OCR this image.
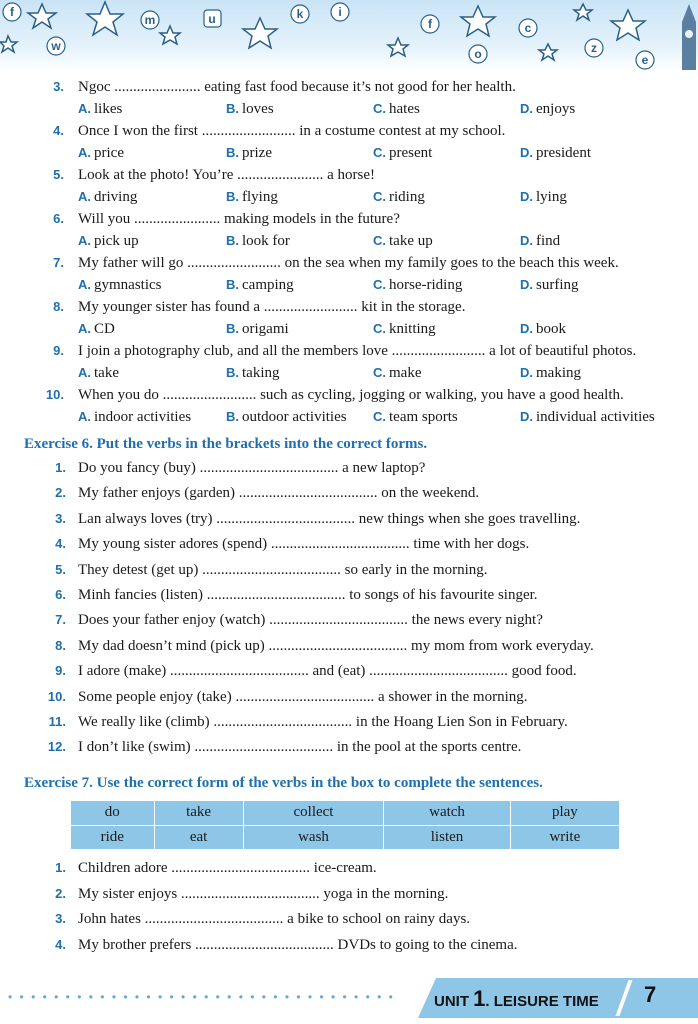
f
w
m	u	k	i
f
o
c
z
e
3. Ngoc ....................... eating fast food because it’s not good for her health.
A. likes	B. loves	C. hates	D. enjoys
4. Once I won the first ......................... in a costume contest at my school.
A. price	B. prize	C. present	D. president
5. Look at the photo! You’re ....................... a horse!
A. driving	B. flying	C. riding	D. lying
6. Will you ....................... making models in the future?
A. pick up	B. look for	C. take up	D. find
7. My father will go ......................... on the sea when my family goes to the beach this week.
A. gymnastics	B. camping	C. horse-riding	D. surfing
8. My younger sister has found a ......................... kit in the storage.
A. CD	B. origami	C. knitting	D. book
9. I join a photography club, and all the members love ......................... a lot of beautiful photos.
A. take	B. taking	C. make	D. making
10. When you do ......................... such as cycling, jogging or walking, you have a good health.
A. indoor activities	B. outdoor activities C. team sports	D. individual activities
Exercise 6. Put the verbs in the brackets into the correct forms.
1. Do you fancy (buy) ..................................... a new laptop?
2. My father enjoys (garden) ..................................... on the weekend.
3. Lan always loves (try) ..................................... new things when she goes travelling.
4. My young sister adores (spend) ..................................... time with her dogs.
5. They detest (get up) ..................................... so early in the morning.
6. Minh fancies (listen) ..................................... to songs of his favourite singer.
7. Does your father enjoy (watch) ..................................... the news every night?
8. My dad doesn’t mind (pick up) ..................................... my mom from work everyday.
9. I adore (make) ..................................... and (eat) ..................................... good food.
10. Some people enjoy (take) ..................................... a shower in the morning.
11. We really like (climb) ..................................... in the Hoang Lien Son in February.
12. I don’t like (swim) ..................................... in the pool at the sports centre.
Exercise 7. Use the correct form of the verbs in the box to complete the sentences.
do	take	collect	watch	play
ride	eat	wash	listen	write
1. Children adore ..................................... ice-cream.
2. My sister enjoys ..................................... yoga in the morning.
3. John hates ..................................... a bike to school on rainy days.
4. My brother prefers ..................................... DVDs to going to the cinema.
• • • • • • • • • • • • • • • • • • • • • • • • • • • • • • • • • •	UNIT 1. LEISURE TIME 7
